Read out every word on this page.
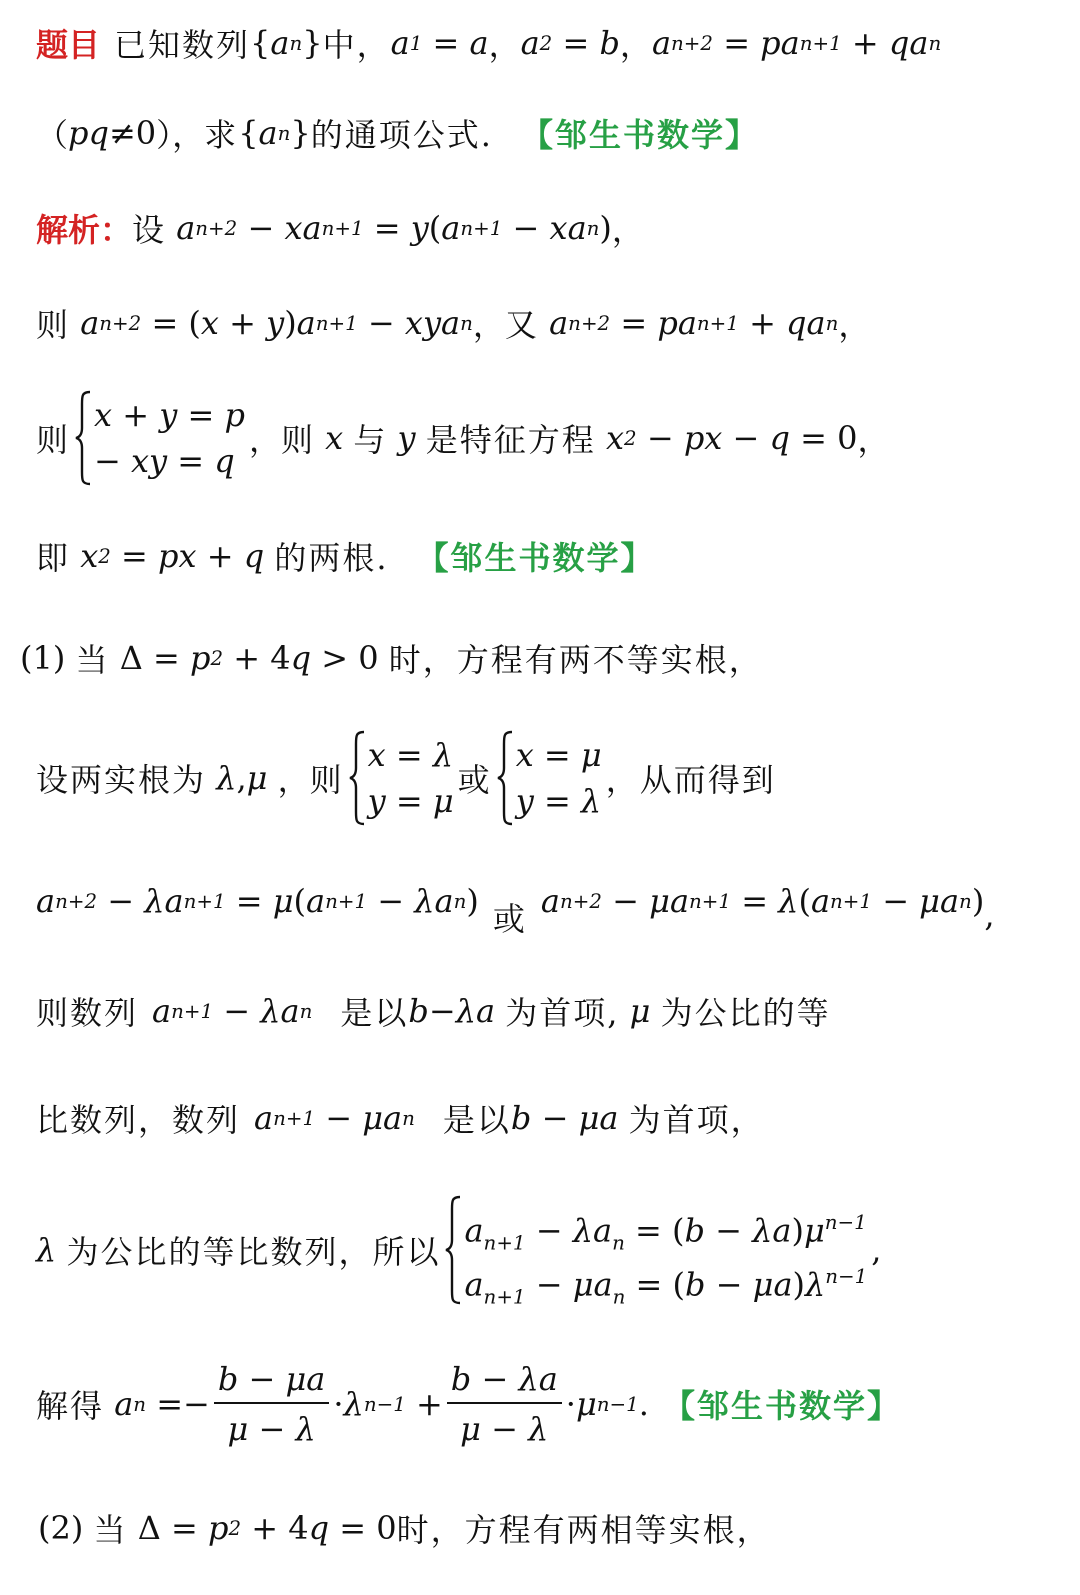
题目 已知数列 { a n } 中， a 1
=
a ， a 2
=
b ， a n+2
=
p a n+1
+
q a n
（ p q ≠ 0 ）， 求 { a n } 的通项公式. 【邹生书数学】
解析： 设
a n+2
−
x a n+1
=
y ( a n+1
−
x a n ) ，
则
a n+2
=
( x
+
y ) a n+1
−
x y a n ， 又
a n+2
=
p a n+1
+
q a n ，
则
x + y = p
− xy = q
， 则
x
与
y
是特征方程
x 2
−
p x
−
q
=
0 ，
即
x 2
=
p x
+
q
的两根. 【邹生书数学】
(1)
当
Δ
=
p 2
+
4 q
>
0
时，方程有两不等实根，
设两实根为
λ , μ
， 则
x = λ
y = μ
或
x = μ
y = λ
，从而得到
a n+2
−
λ a n+1
=
μ ( a n+1
−
λ a n ) 或 a n+2
−
μ a n+1
=
λ ( a n+1
−
μ a n ) ,
则数列 a n+1
−
λ a n 是以 b − λ a
为首项,
μ
为公比的等
比数列，数列 a n+1
−
μ a n 是以 b
−
μ a
为首项，
λ
为公比的等比数列，所以
$a_{n+1} - \lambda a_n = (b - \lambda a)\mu^{n-1}$
$a_{n+1} - \mu a_n = (b - \mu a)\lambda^{n-1}$
,
解得
a n
= − $\frac{b - \mu a}{\mu - \lambda} \cdot \lambda$ n−1
+ $\frac{b - \lambda a}{\mu - \lambda} \cdot \mu$ n−1 . 【邹生书数学】
(2)
当
Δ
=
p 2
+
4 q
=
0 时，方程有两相等实根，
